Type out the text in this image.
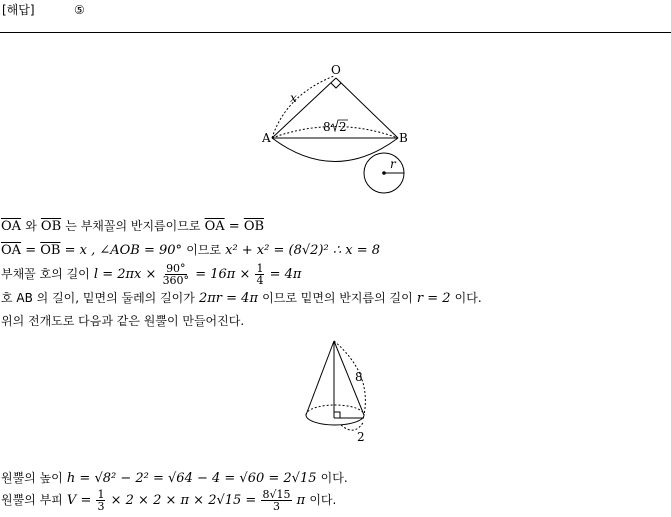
[해답]	⑤
O
A	B
x
r
8 2
$\overline{OA}$ 와 $\overline{OB}$ 는 부채꼴의 반지름이므로 $\overline{OA} = \overline{OB}$
$\overline{OA} = \overline{OB} = x$ , ∠AOB = 90° 이므로 x² + x² = (8√2)² ∴ x = 8
부채꼴 호의 길이 $l = 2\pi x \times \frac{90^\circ}{360^\circ} = 16\pi \times \frac{1}{4} = 4\pi$
호 AB 의 길이, 밑면의 둘레의 길이가 2πr = 4π 이므로 밑면의 반지름의 길이 r = 2 이다.
위의 전개도로 다음과 같은 원뿔이 만들어진다.
8
2
원뿔의 높이 h = √8² − 2² = √64 − 4 = √60 = 2√15 이다.
원뿔의 부피 $V = \frac{1}{3} \times 2 \times 2 \times \pi \times 2√15 = \frac{8√15}{3}$ π 이다.
